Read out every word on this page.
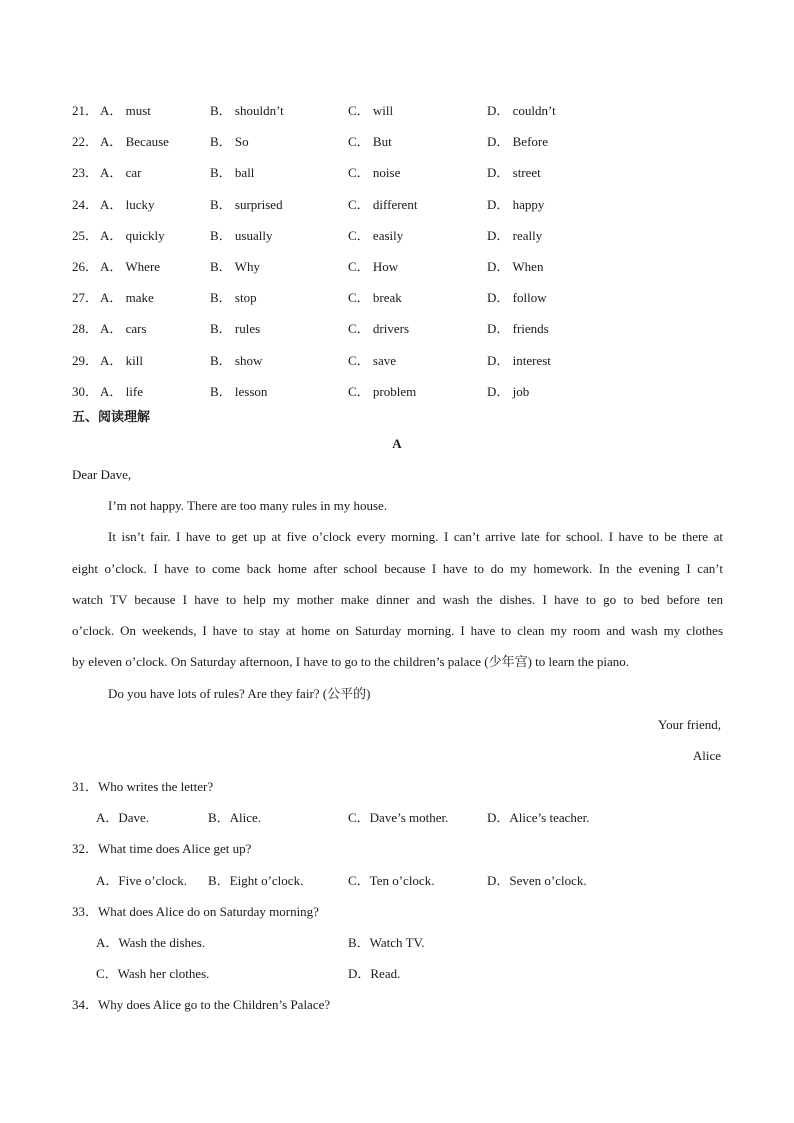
21． A． must	B． shouldn’t	C． will	D． couldn’t
22． A． Because	B． So	C． But	D． Before
23． A． car	B． ball	C． noise	D． street
24． A． lucky	B． surprised	C． different	D． happy
25． A． quickly	B． usually	C． easily	D． really
26． A． Where	B． Why	C． How	D． When
27． A． make	B． stop	C． break	D． follow
28． A． cars	B． rules	C． drivers	D． friends
29． A． kill	B． show	C． save	D． interest
30． A． life	B． lesson	C． problem	D． job
五、阅读理解
A
Dear Dave,
I’m not happy. There are too many rules in my house.
It isn’t fair. I have to get up at five o’clock every morning. I can’t arrive late for school. I have to be there at
eight o’clock. I have to come back home after school because I have to do my homework. In the evening I can’t
watch TV because I have to help my mother make dinner and wash the dishes. I have to go to bed before ten
o’clock. On weekends, I have to stay at home on Saturday morning. I have to clean my room and wash my clothes
by eleven o’clock. On Saturday afternoon, I have to go to the children’s palace (少年宫) to learn the piano.
Do you have lots of rules? Are they fair? (公平的)
Your friend,
Alice
31．Who writes the letter?
A．Dave.	B．Alice.	C．Dave’s mother.	D．Alice’s teacher.
32．What time does Alice get up?
A．Five o’clock. B．Eight o’clock.	C．Ten o’clock.	D．Seven o’clock.
33．What does Alice do on Saturday morning?
A．Wash the dishes.	B．Watch TV.
C．Wash her clothes.	D．Read.
34．Why does Alice go to the Children’s Palace?
